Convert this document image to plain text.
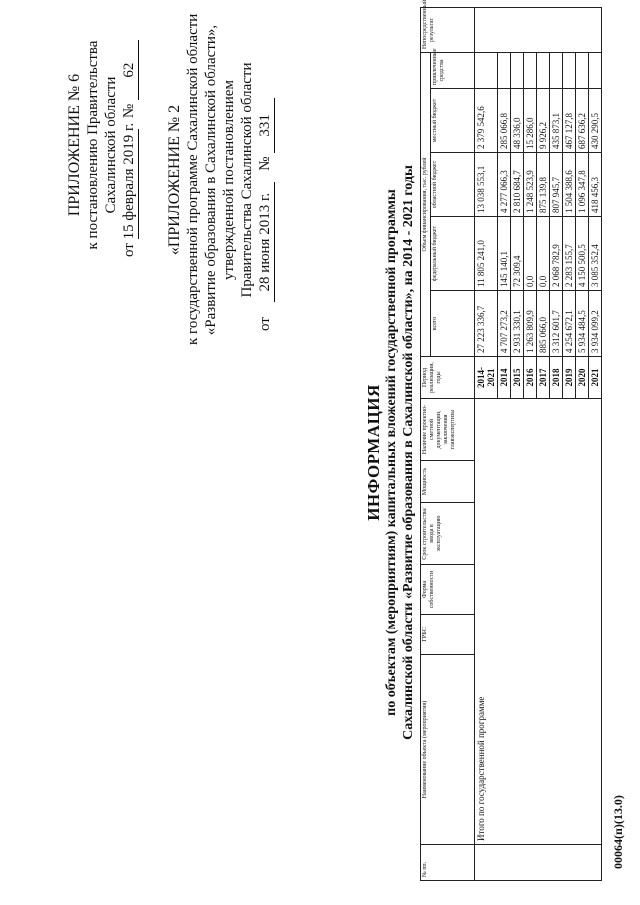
ПРИЛОЖЕНИЕ № 6 к постановлению Правительства Сахалинской области
от 15 февраля 2019 г.   № 62
«ПРИЛОЖЕНИЕ № 2 к государственной программе Сахалинской области «Развитие образования в Сахалинской области», утвержденной постановлением Правительства Сахалинской области
от    28 июня 2013 г.   № 331
ИНФОРМАЦИЯ по объектам (мероприятиям) капитальных вложений государственной программы Сахалинской области «Развитие образования в Сахалинской области», на 2014 - 2021 годы
№ пп.	Наименование объекта (мероприятия)	ГРБС	Форма собственности	Срок строительства/ввода в эксплуатацию	Мощность	Наличие проектно-сметной документации, заключения главэкспертизы	Период реализации, годы	Объем финансирования, тыс. рублей					Непосредственный результат
								всего	федеральный бюджет	областной бюджет	местный бюджет	привлеченные средства	
	Итого по государственной программе						2014-2021	27 223 336,7	11 805 241,0	13 038 553,1	2 379 542,6		
							2014	4 707 273,2	145 140,1	4 277 066,3	285 066,8		
							2015	2 931 330,1	72 309,4	2 810 684,7	48 336,0		
							2016	1 263 809,9	0,0	1 248 523,9	15 286,0		
							2017	885 066,0	0,0	875 139,8	9 926,2		
							2018	3 312 601,7	2 068 782,9	807 945,7	435 873,1		
							2019	4 254 672,1	2 283 155,7	1 504 388,6	467 127,8		
							2020	5 934 484,5	4 150 500,5	1 096 347,8	687 636,2		
							2021	3 934 099,2	3 085 352,4	418 456,3	430 290,5		
00064(п)(13.0)
